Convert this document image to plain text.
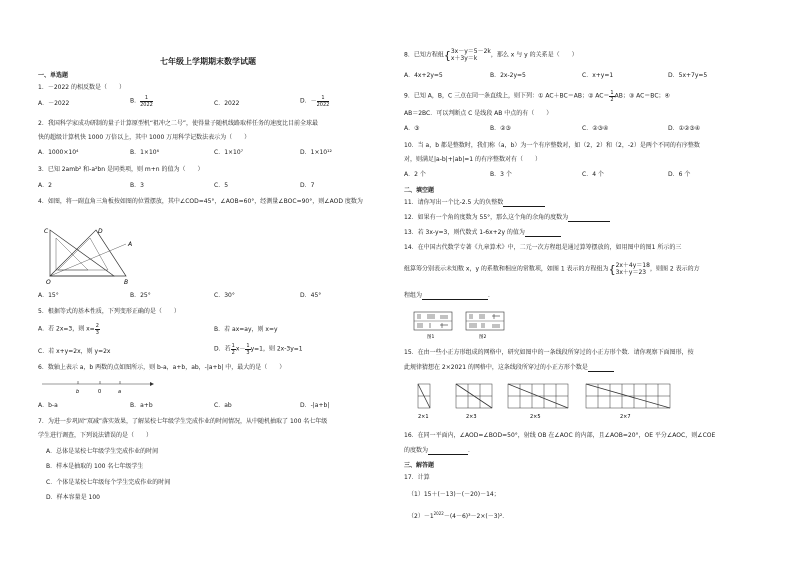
七年级上学期期末数学试题
一、单选题
1．－2022 的相反数是（　　）
A．－2022	B． $\frac{1}{2022}$	C．2022	D．－ $\frac{1}{2022}$
2．我国科学家成功研制的量子计算原型机“祖冲之二号”，使得量子随机线路取样任务的速度比目前全球最
快的超级计算机快 1000 万倍以上，其中 1000 万用科学记数法表示为（　　）
A．1000×10⁴	B．1×10⁶	C．1×10⁷	D．1×10¹²
3．已知 2amb² 和-a²bn 是同类项，则 m+n 的值为（　　）
A．2	B．3	C．5	D．7
4．如图，将一副直角三角板按如图的位置摆放，其中∠COD=45°，∠AOB=60°，经测量∠BOC=90°，则∠AOD 度数为
C	D
A
O	B
A．15°	B．25°	C．30°	D．45°
5．根据等式的基本性质，下列变形正确的是（　　）
A．若 2x=3，则 $x= \frac{2}{3}$	B．若 ax=ay，则 x=y
C．若 x+y=2x，则 y=2x	D．若 $\frac{1}{2} x- \frac{1}{3} y=1$，则 2x-3y=1
6．数轴上表示 a，b 两数的点如图所示，则 b-a，a+b，ab，-|a+b| 中，最大的是（　　）
b	0	a
A．b-a	B．a+b	C．ab	D．-|a+b|
7．为进一步巩固“双减”落实效果，了解某校七年级学生完成作业的时间情况，从中随机抽取了 100 名七年级
学生进行调查，下列说法错误的是（　　）
A．总体是某校七年级学生完成作业的时间
B．样本是抽取的 100 名七年级学生
C．个体是某校七年级每个学生完成作业的时间
D．样本容量是 100
8．已知方程组{ 3x－y＝5－2k
x＋3y＝k	，那么 x 与 y 的关系是（　　）
A．4x+2y=5	B．2x-2y=5	C．x+y=1	D．5x+7y=5
9．已知 A，B，C 三点在同一条直线上，则下列：① AC＋BC＝AB；② $AC= \frac{1}{2}$ AB；③ AC＝BC；④
AB＝2BC．可以判断点 C 是线段 AB 中点的有（　　）
A．③	B．②③	C．②③④	D．①②③④
10．当 a，b 都是整数时，我们称（a，b）为一个有序整数对，如（2，2）和（2，-2）是两个不同的有序整数
对，则满足|a-b|+|ab|=1 的有序整数对有（　　）
A．2 个	B．3 个	C．4 个	D．6 个
二、填空题
11．请你写出一个比-2.5 大的负整数
12．如果有一个角的度数为 55°，那么这个角的余角的度数为
13．若 3x-y=3，则代数式 1-6x+2y 的值为
14．在中国古代数学专著《九章算术》中，二元一次方程组是通过算筹摆放的，如用图中的图⁠1 所示的三
组算筹分别表示未知数 x，y 的系数和相应的常数项，如图 1 表示的方程组为{ 2x＋4y＝18
3x＋y＝23 ，则图 2 表示的方
程组为	．
图1	图2
15．在由一些小正方形组成的网格中，研究如图中的一条线段所穿过的小正方形个数．请你观察下面图形，按
此规律猜想在 2×2021 的网格中，这条线段所穿过的小正方形个数是
2×1	2×3	2×5	2×7
16．在同一平面内，∠AOD=∠BOD=50°，射线 OB 在∠AOC 的内部，且∠AOB=20°，OE 平分∠AOC，则∠COE
的度数为	．
三、解答题
17．计算
（1）15＋(－13)－(－20)－14；
$(2)-1^{2022}-(4-6)^3-2\times(-3)^2$．
